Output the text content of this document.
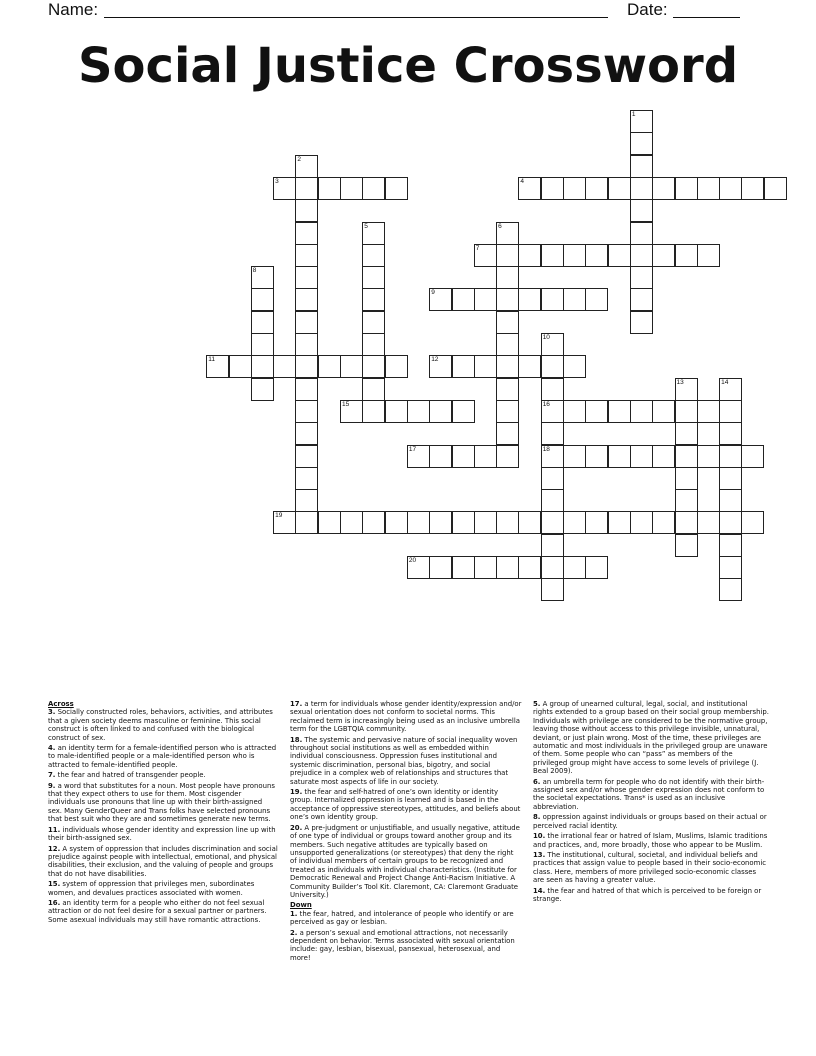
Name:	Date:
Social Justice Crossword
1
2
3	4
5	6
7
8
9
10
11	12
13	14
15	16
17	18
19
20

Across

3. Socially constructed roles, behaviors, activities, and attributes that a given society deems masculine or feminine. This social construct is often linked to and confused with the biological construct of sex.

4. an identity term for a female-identified person who is attracted to male-identified people or a male-identified person who is attracted to female-identified people.

7. the fear and hatred of transgender people.

9. a word that substitutes for a noun. Most people have pronouns that they expect others to use for them. Most cisgender individuals use pronouns that line up with their birth-assigned sex. Many GenderQueer and Trans folks have selected pronouns that best suit who they are and sometimes generate new terms.

11. individuals whose gender identity and expression line up with their birth-assigned sex.

12. A system of oppression that includes discrimination and social prejudice against people with intellectual, emotional, and physical disabilities, their exclusion, and the valuing of people and groups that do not have disabilities.

15. system of oppression that privileges men, subordinates women, and devalues practices associated with women.

16. an identity term for a people who either do not feel sexual attraction or do not feel desire for a sexual partner or partners. Some asexual individuals may still have romantic attractions.

17. a term for individuals whose gender identity/expression and/or sexual orientation does not conform to societal norms. This reclaimed term is increasingly being used as an inclusive umbrella term for the LGBTQIA community.

18. The systemic and pervasive nature of social inequality woven throughout social institutions as well as embedded within individual consciousness. Oppression fuses institutional and systemic discrimination, personal bias, bigotry, and social prejudice in a complex web of relationships and structures that saturate most aspects of life in our society.

19. the fear and self-hatred of one’s own identity or identity group. Internalized oppression is learned and is based in the acceptance of oppressive stereotypes, attitudes, and beliefs about one’s own identity group.

20. A pre-judgment or unjustifiable, and usually negative, attitude of one type of individual or groups toward another group and its members. Such negative attitudes are typically based on unsupported generalizations (or stereotypes) that deny the right of individual members of certain groups to be recognized and treated as individuals with individual characteristics. (Institute for Democratic Renewal and Project Change Anti-Racism Initiative. A Community Builder’s Tool Kit. Claremont, CA: Claremont Graduate University.)

Down

1. the fear, hatred, and intolerance of people who identify or are perceived as gay or lesbian.

2. a person’s sexual and emotional attractions, not necessarily dependent on behavior. Terms associated with sexual orientation include: gay, lesbian, bisexual, pansexual, heterosexual, and more!

5. A group of unearned cultural, legal, social, and institutional rights extended to a group based on their social group membership. Individuals with privilege are considered to be the normative group, leaving those without access to this privilege invisible, unnatural, deviant, or just plain wrong. Most of the time, these privileges are automatic and most individuals in the privileged group are unaware of them. Some people who can “pass” as members of the privileged group might have access to some levels of privilege (J. Beal 2009).

6. an umbrella term for people who do not identify with their birth-assigned sex and/or whose gender expression does not conform to the societal expectations. Trans* is used as an inclusive abbreviation.

8. oppression against individuals or groups based on their actual or perceived racial identity.

10. the irrational fear or hatred of Islam, Muslims, Islamic traditions and practices, and, more broadly, those who appear to be Muslim.

13. The institutional, cultural, societal, and individual beliefs and practices that assign value to people based in their socio-economic class. Here, members of more privileged socio-economic classes are seen as having a greater value.

14. the fear and hatred of that which is perceived to be foreign or strange.
